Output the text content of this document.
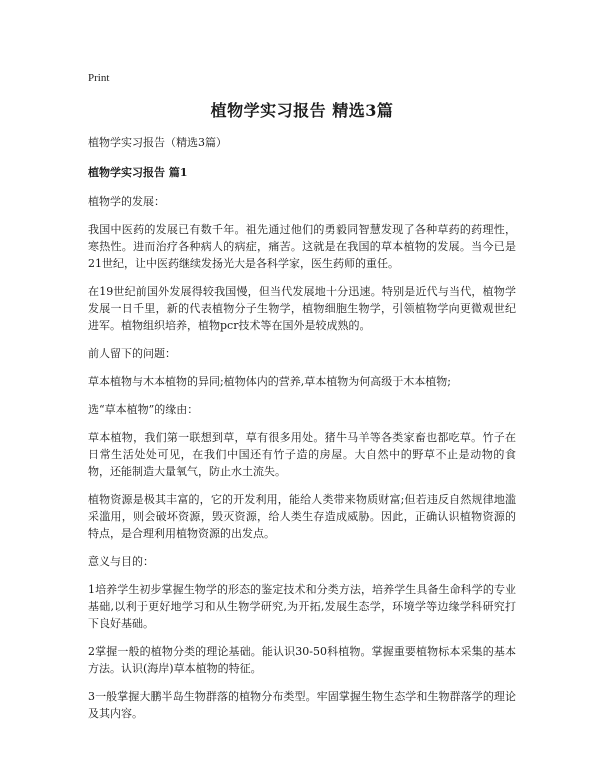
Print
植物学实习报告 精选3篇
植物学实习报告（精选3篇）
植物学实习报告 篇1
植物学的发展：
我国中医药的发展已有数千年。祖先通过他们的勇毅同智慧发现了各种草药的药理性，寒热性。进而治疗各种病人的病症，痛苦。这就是在我国的草本植物的发展。当今已是21世纪，让中医药继续发扬光大是各科学家，医生药师的重任。
在19世纪前国外发展得较我国慢，但当代发展地十分迅速。特别是近代与当代，植物学发展一日千里，新的代表植物分子生物学，植物细胞生物学，引领植物学向更微观世纪进军。植物组织培养，植物pcr技术等在国外是较成熟的。
前人留下的问题：
草本植物与木本植物的异同;植物体内的营养,草本植物为何高级于木本植物;
选“草本植物”的缘由：
草本植物，我们第一联想到草，草有很多用处。猪牛马羊等各类家畜也都吃草。竹子在日常生活处处可见，在我们中国还有竹子造的房屋。大自然中的野草不止是动物的食物，还能制造大量氧气，防止水土流失。
植物资源是极其丰富的，它的开发利用，能给人类带来物质财富;但若违反自然规律地滥采滥用，则会破坏资源，毁灭资源，给人类生存造成威胁。因此，正确认识植物资源的特点，是合理利用植物资源的出发点。
意义与目的：
1培养学生初步掌握生物学的形态的鉴定技术和分类方法，培养学生具备生命科学的专业基础,以利于更好地学习和从生物学研究,为开拓,发展生态学，环境学等边缘学科研究打下良好基础。
2掌握一般的植物分类的理论基础。能认识30-50科植物。掌握重要植物标本采集的基本方法。认识(海岸)草本植物的特征。
3一般掌握大鹏半岛生物群落的植物分布类型。牢固掌握生物生态学和生物群落学的理论及其内容。
